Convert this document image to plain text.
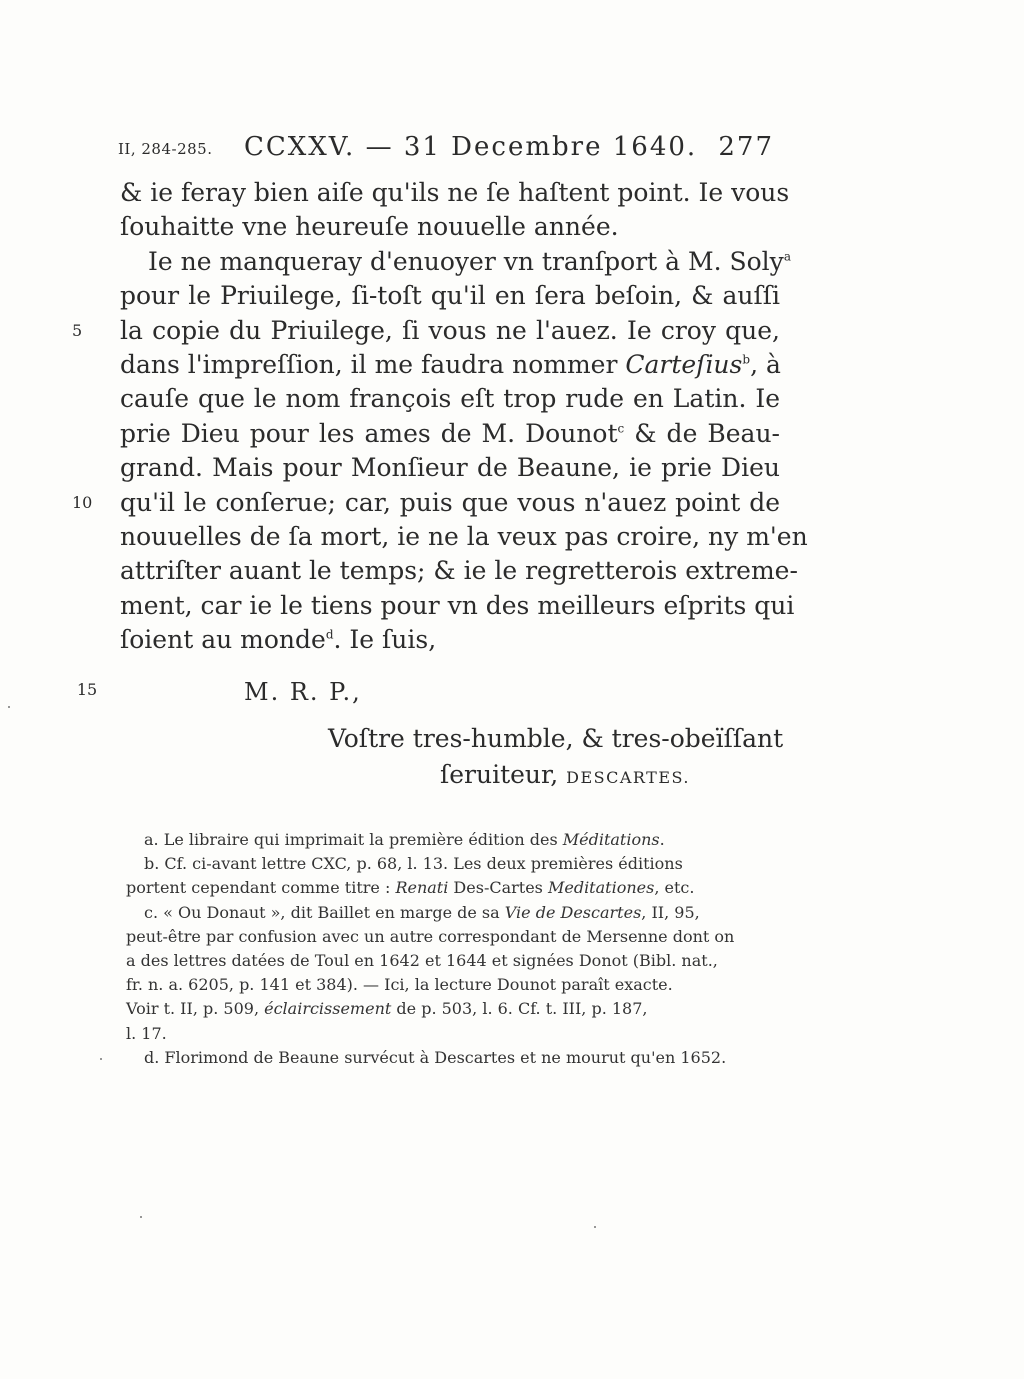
II, 284-285. CCXXV. — 31 Decembre 1640. 277
& ie feray bien aiſe qu'ils ne ſe haſtent point. Ie vous
ſouhaitte vne heureuſe nouuelle année.
Ie ne manqueray d'enuoyer vn tranſport à M. Soly$^a$
pour le Priuilege, ſi-toſt qu'il en ſera beſoin, & auſſi
5	la copie du Priuilege, ſi vous ne l'auez. Ie croy que,
dans l'impreſſion, il me faudra nommer Carteſius$^b$, à
cauſe que le nom françois eſt trop rude en Latin. Ie
prie Dieu pour les ames de M. Dounot$^c$ & de Beau-
grand. Mais pour Monſieur de Beaune, ie prie Dieu
10	qu'il le conſerue; car, puis que vous n'auez point de
nouuelles de ſa mort, ie ne la veux pas croire, ny m'en
attriſter auant le temps; & ie le regretterois extreme-
ment, car ie le tiens pour vn des meilleurs eſprits qui
ſoient au monde$^d$. Ie ſuis,
15	M. R. P.,
Voſtre tres-humble, & tres-obeïſſant
ſeruiteur, DESCARTES.
a. Le libraire qui imprimait la première édition des Méditations.
b. Cf. ci-avant lettre CXC, p. 68, l. 13. Les deux premières éditions
portent cependant comme titre : Renati Des-Cartes Meditationes, etc.
c. « Ou Donaut », dit Baillet en marge de sa Vie de Descartes, II, 95,
peut-être par confusion avec un autre correspondant de Mersenne dont on
a des lettres datées de Toul en 1642 et 1644 et signées Donot (Bibl. nat.,
fr. n. a. 6205, p. 141 et 384). — Ici, la lecture Dounot paraît exacte.
Voir t. II, p. 509, éclaircissement de p. 503, l. 6. Cf. t. III, p. 187,
l. 17.
d. Florimond de Beaune survécut à Descartes et ne mourut qu'en 1652.
